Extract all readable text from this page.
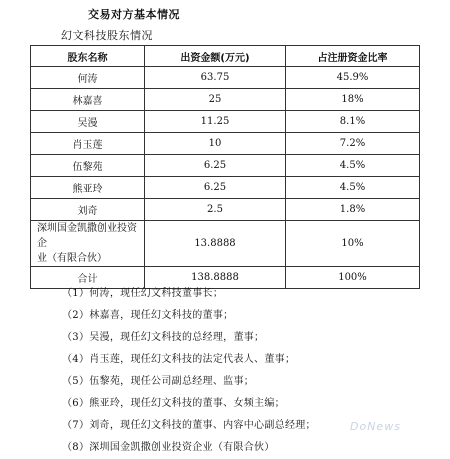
交易对方基本情况
幻文科技股东情况
股东名称	出资金额(万元)	占注册资金比率
何涛	63.75	45.9%
林嘉喜	25	18%
吴漫	11.25	8.1%
肖玉莲	10	7.2%
伍黎苑	6.25	4.5%
熊亚玲	6.25	4.5%
刘奇	2.5	1.8%
深圳国金凯撒创业投资企
业（有限合伙）	13.8888	10%
合计	138.8888	100%
（1）何涛，现任幻文科技董事长；
（2）林嘉喜，现任幻文科技的董事；
（3）吴漫，现任幻文科技的总经理，董事；
（4）肖玉莲，现任幻文科技的法定代表人、董事；
（5）伍黎苑，现任公司副总经理、监事；
（6）熊亚玲，现任幻文科技的董事、女频主编；
（7）刘奇，现任幻文科技的董事、内容中心副总经理；
（8）深圳国金凯撒创业投资企业（有限合伙）
DoNews
